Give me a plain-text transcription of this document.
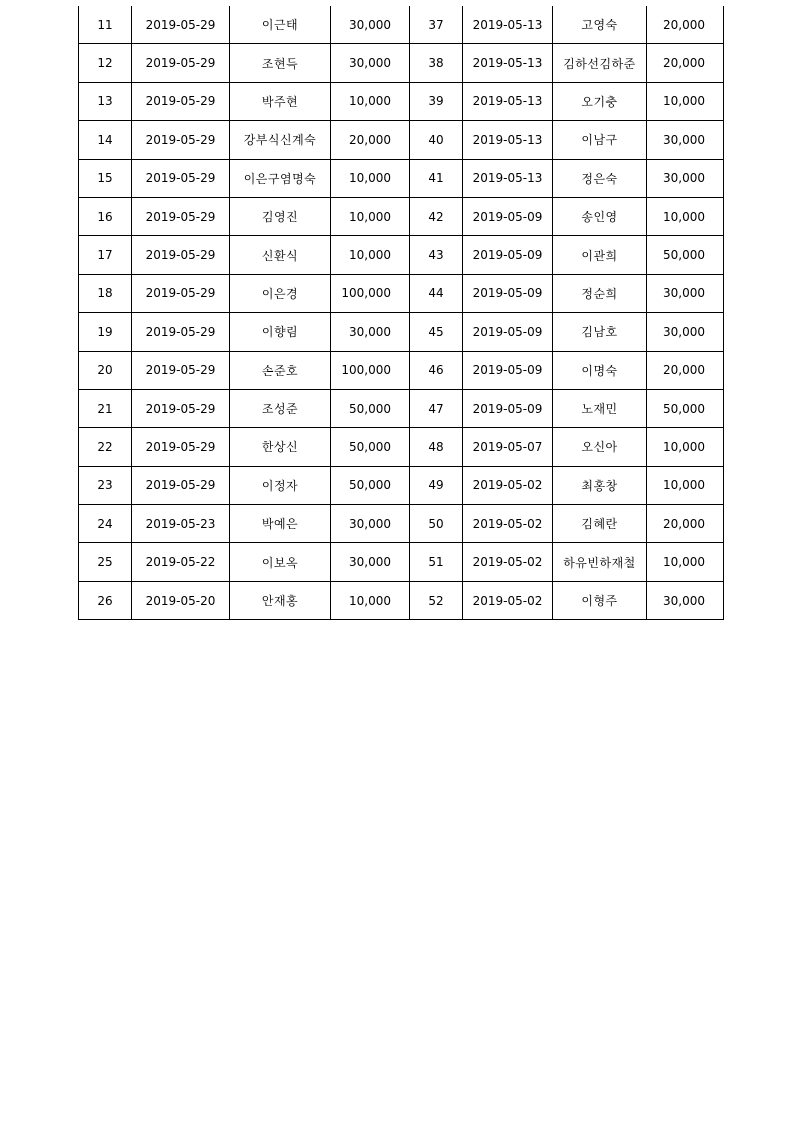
11	2019-05-29	이근태	30,000	37	2019-05-13	고영숙	20,000
12	2019-05-29	조현득	30,000	38	2019-05-13	김하선김하준	20,000
13	2019-05-29	박주현	10,000	39	2019-05-13	오기충	10,000
14	2019-05-29	강부식신계숙	20,000	40	2019-05-13	이남구	30,000
15	2019-05-29	이은구염명숙	10,000	41	2019-05-13	정은숙	30,000
16	2019-05-29	김영진	10,000	42	2019-05-09	송인영	10,000
17	2019-05-29	신환식	10,000	43	2019-05-09	이관희	50,000
18	2019-05-29	이은경	100,000	44	2019-05-09	정순희	30,000
19	2019-05-29	이향림	30,000	45	2019-05-09	김남호	30,000
20	2019-05-29	손준호	100,000	46	2019-05-09	이명숙	20,000
21	2019-05-29	조성준	50,000	47	2019-05-09	노재민	50,000
22	2019-05-29	한상신	50,000	48	2019-05-07	오신아	10,000
23	2019-05-29	이정자	50,000	49	2019-05-02	최홍창	10,000
24	2019-05-23	박예은	30,000	50	2019-05-02	김혜란	20,000
25	2019-05-22	이보옥	30,000	51	2019-05-02	하유빈하재철	10,000
26	2019-05-20	안재홍	10,000	52	2019-05-02	이형주	30,000
